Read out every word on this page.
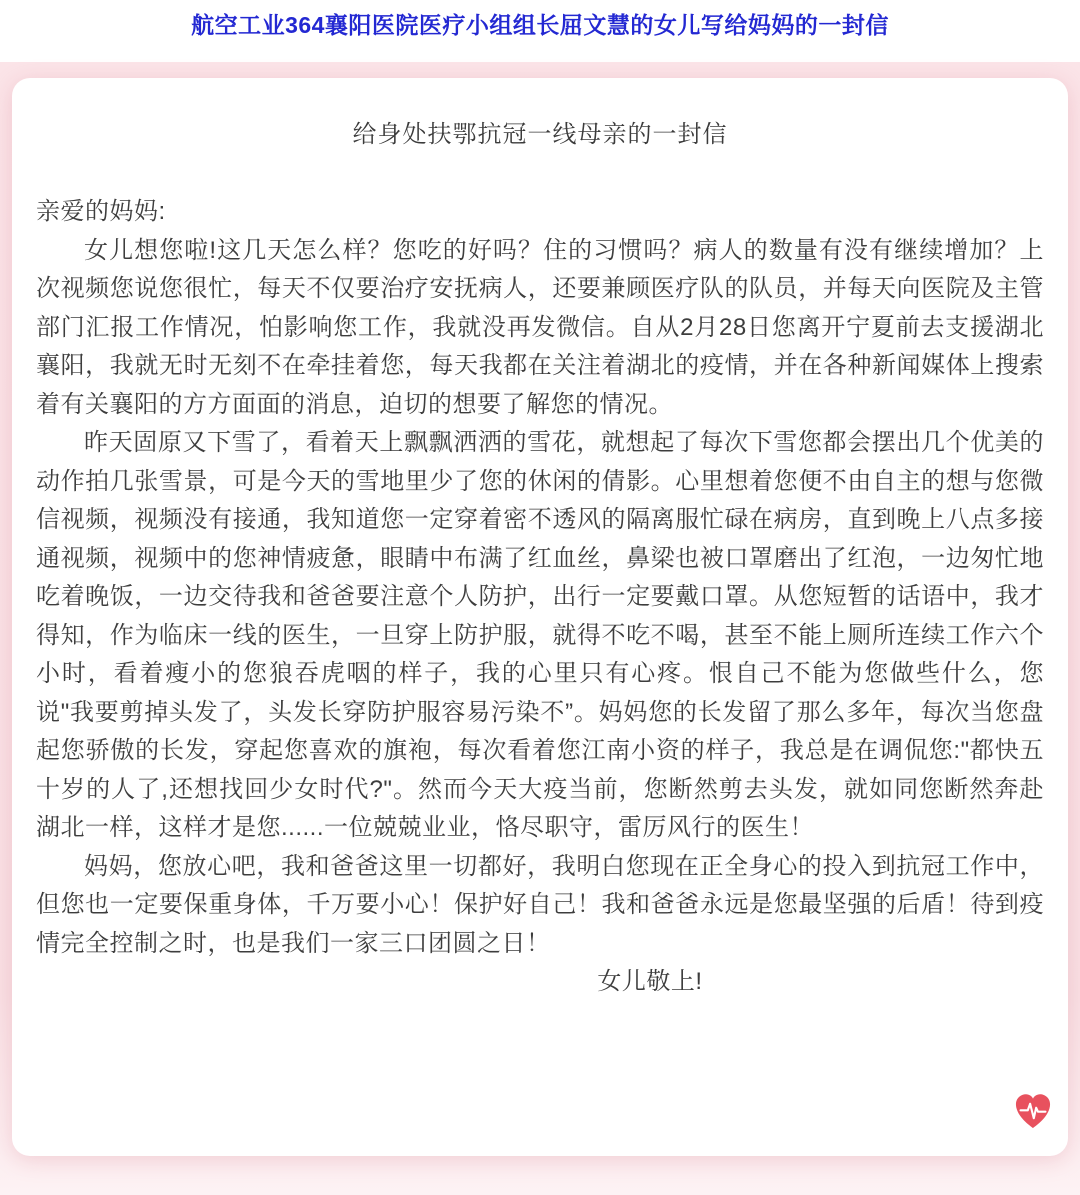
航空工业364襄阳医院医疗小组组长屈文慧的女儿写给妈妈的一封信
给身处扶鄂抗冠一线母亲的一封信

亲爱的妈妈:

女儿想您啦!这几天怎么样？您吃的好吗？住的习惯吗？病人的数量有没有继续增加？上次视频您说您很忙，每天不仅要治疗安抚病人，还要兼顾医疗队的队员，并每天向医院及主管部门汇报工作情况，怕影响您工作，我就没再发微信。自从2月28日您离开宁夏前去支援湖北襄阳，我就无时无刻不在牵挂着您，每天我都在关注着湖北的疫情，并在各种新闻媒体上搜索着有关襄阳的方方面面的消息，迫切的想要了解您的情况。

昨天固原又下雪了，看着天上飘飘洒洒的雪花，就想起了每次下雪您都会摆出几个优美的动作拍几张雪景，可是今天的雪地里少了您的休闲的倩影。心里想着您便不由自主的想与您微信视频，视频没有接通，我知道您一定穿着密不透风的隔离服忙碌在病房，直到晚上八点多接通视频，视频中的您神情疲惫，眼睛中布满了红血丝，鼻梁也被口罩磨出了红泡，一边匆忙地吃着晚饭，一边交待我和爸爸要注意个人防护，出行一定要戴口罩。从您短暂的话语中，我才得知，作为临床一线的医生，一旦穿上防护服，就得不吃不喝，甚至不能上厕所连续工作六个小时，看着瘦小的您狼吞虎咽的样子，我的心里只有心疼。恨自己不能为您做些什么，您说"我要剪掉头发了，头发长穿防护服容易污染不”。妈妈您的长发留了那么多年，每次当您盘起您骄傲的长发，穿起您喜欢的旗袍，每次看着您江南小资的样子，我总是在调侃您:"都快五十岁的人了,还想找回少女时代?"。然而今天大疫当前，您断然剪去头发，就如同您断然奔赴湖北一样，这样才是您......一位兢兢业业，恪尽职守，雷厉风行的医生！

妈妈，您放心吧，我和爸爸这里一切都好，我明白您现在正全身心的投入到抗冠工作中，但您也一定要保重身体，千万要小心！保护好自己！我和爸爸永远是您最坚强的后盾！待到疫情完全控制之时，也是我们一家三口团圆之日！

女儿敬上!
